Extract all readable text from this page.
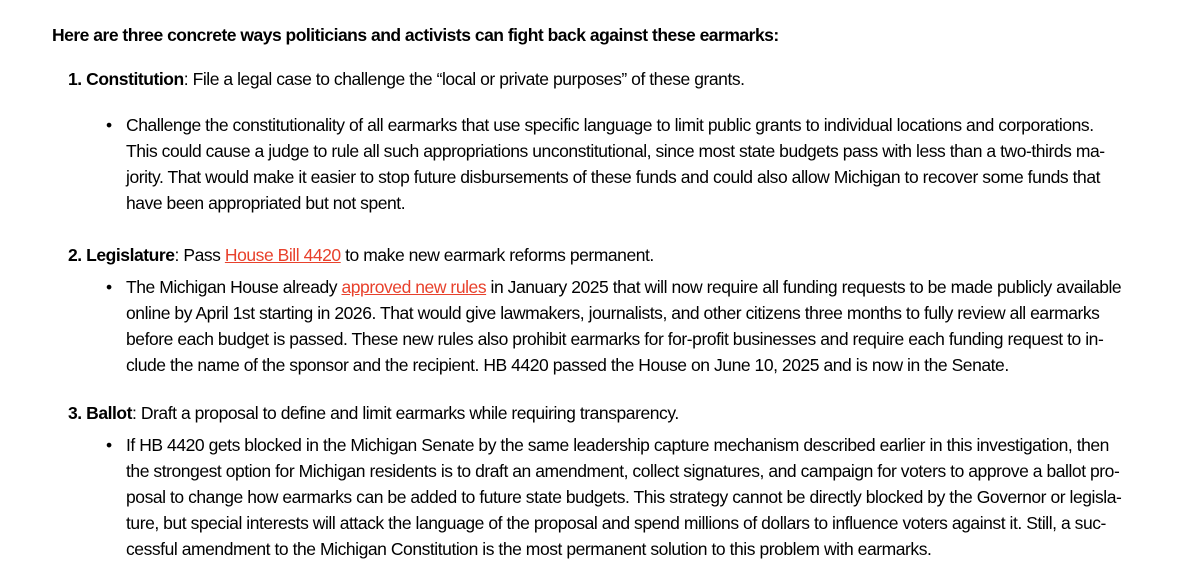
Here are three concrete ways politicians and activists can fight back against these earmarks:
1. Constitution: File a legal case to challenge the “local or private purposes” of these grants.
• Challenge the constitutionality of all earmarks that use specific language to limit public grants to individual locations and corporations.
This could cause a judge to rule all such appropriations unconstitutional, since most state budgets pass with less than a two-thirds ma-
jority. That would make it easier to stop future disbursements of these funds and could also allow Michigan to recover some funds that
have been appropriated but not spent.
2. Legislature: Pass House Bill 4420 to make new earmark reforms permanent.
• The Michigan House already approved new rules in January 2025 that will now require all funding requests to be made publicly available
online by April 1st starting in 2026. That would give lawmakers, journalists, and other citizens three months to fully review all earmarks
before each budget is passed. These new rules also prohibit earmarks for for-profit businesses and require each funding request to in-
clude the name of the sponsor and the recipient. HB 4420 passed the House on June 10, 2025 and is now in the Senate.
3. Ballot: Draft a proposal to define and limit earmarks while requiring transparency.
• If HB 4420 gets blocked in the Michigan Senate by the same leadership capture mechanism described earlier in this investigation, then
the strongest option for Michigan residents is to draft an amendment, collect signatures, and campaign for voters to approve a ballot pro-
posal to change how earmarks can be added to future state budgets. This strategy cannot be directly blocked by the Governor or legisla-
ture, but special interests will attack the language of the proposal and spend millions of dollars to influence voters against it. Still, a suc-
cessful amendment to the Michigan Constitution is the most permanent solution to this problem with earmarks.
